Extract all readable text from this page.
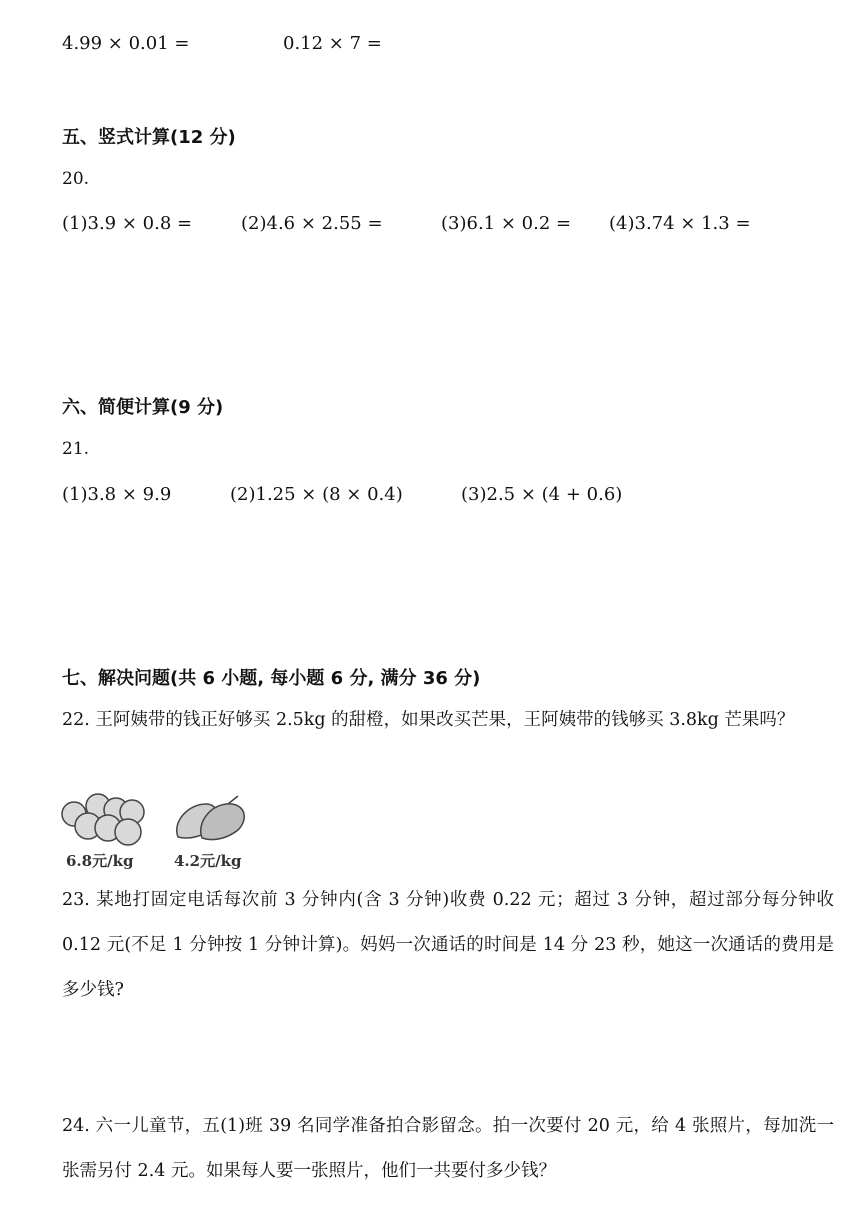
4.99 × 0.01 =	0.12 × 7 =
五、竖式计算(12 分)
20.
(1)3.9 × 0.8 =	(2)4.6 × 2.55 =	(3)6.1 × 0.2 = (4)3.74 × 1.3 =
六、简便计算(9 分)
21.
(1)3.8 × 9.9	(2)1.25 × (8 × 0.4)	(3)2.5 × (4 + 0.6)
七、解决问题(共 6 小题, 每小题 6 分, 满分 36 分)
22. 王阿姨带的钱正好够买 2.5kg 的甜橙，如果改买芒果，王阿姨带的钱够买 3.8kg 芒果吗？
6.8元/kg	4.2元/kg
23. 某地打固定电话每次前 3 分钟内(含 3 分钟)收费 0.22 元；超过 3 分钟，超过部分每分钟收 0.12 元(不足 1 分钟按 1 分钟计算)。妈妈一次通话的时间是 14 分 23 秒，她这一次通话的费用是多少钱?
24. 六一儿童节，五(1)班 39 名同学准备拍合影留念。拍一次要付 20 元，给 4 张照片，每加洗一张需另付 2.4 元。如果每人要一张照片，他们一共要付多少钱？
